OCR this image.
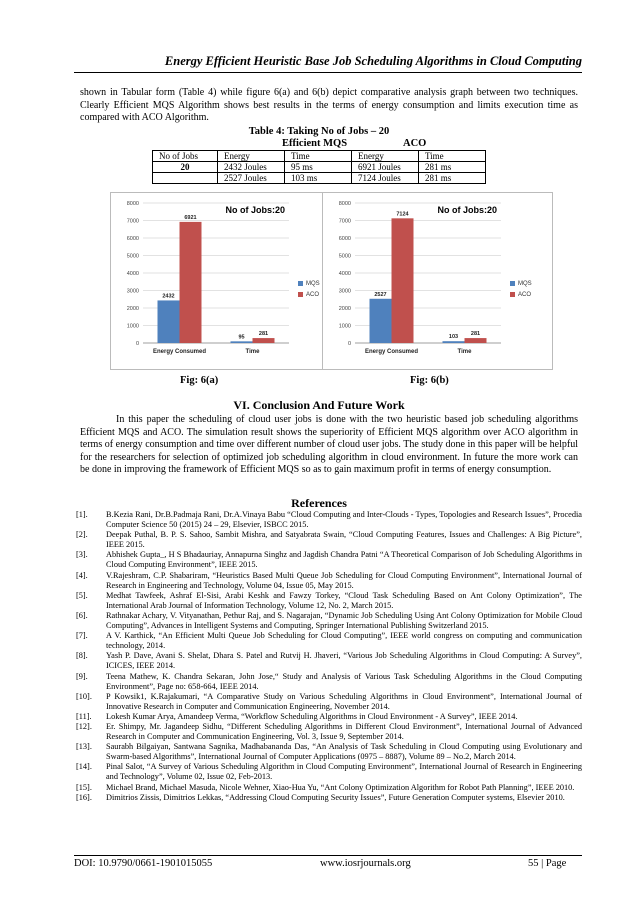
Energy Efficient Heuristic Base Job Scheduling Algorithms in Cloud Computing
shown in Tabular form (Table 4) while figure 6(a) and 6(b) depict comparative analysis graph between two techniques. Clearly Efficient MQS Algorithm shows best results in the terms of energy consumption and limits execution time as compared with ACO Algorithm.
Table 4: Taking No of Jobs – 20
Efficient MQS	ACO
No of Jobs	Energy	Time	Energy	Time
20	2432 Joules	95 ms	6921 Joules	281 ms
	2527 Joules	103 ms	7124 Joules	281 ms
0
1000
2000
3000
4000
5000
6000
7000
8000
Energy Consumed
2432
6921
Time
95
281
No of Jobs:20
MQS
ACO
0
1000
2000
3000
4000
5000
6000
7000
8000
Energy Consumed
2527
7124
Time
103
281
No of Jobs:20
MQS
ACO
Fig: 6(a)	Fig: 6(b)
VI. Conclusion And Future Work
In this paper the scheduling of cloud user jobs is done with the two heuristic based job scheduling algorithms Efficient MQS and ACO. The simulation result shows the superiority of Efficient MQS algorithm over ACO algorithm in terms of energy consumption and time over different number of cloud user jobs. The study done in this paper will be helpful for the researchers for selection of optimized job scheduling algorithm in cloud environment. In future the more work can be done in improving the framework of Efficient MQS so as to gain maximum profit in terms of energy consumption.
References
[1].	B.Kezia Rani, Dr.B.Padmaja Rani, Dr.A.Vinaya Babu “Cloud Computing and Inter-Clouds - Types, Topologies and Research Issues”, Procedia Computer Science 50 (2015) 24 – 29, Elsevier, ISBCC 2015.
[2].	Deepak Puthal, B. P. S. Sahoo, Sambit Mishra, and Satyabrata Swain, “Cloud Computing Features, Issues and Challenges: A Big Picture”, IEEE 2015.
[3].	Abhishek Gupta_, H S Bhadauriay, Annapurna Singhz and Jagdish Chandra Patni “A Theoretical Comparison of Job Scheduling Algorithms in Cloud Computing Environment”, IEEE 2015.
[4].	V.Rajeshram, C.P. Shabariram, “Heuristics Based Multi Queue Job Scheduling for Cloud Computing Environment”, International Journal of Research in Engineering and Technology, Volume 04, Issue 05, May 2015.
[5].	Medhat Tawfeek, Ashraf El-Sisi, Arabi Keshk and Fawzy Torkey, “Cloud Task Scheduling Based on Ant Colony Optimization”, The International Arab Journal of Information Technology, Volume 12, No. 2, March 2015.
[6].	Rathnakar Achary, V. Vityanathan, Pethur Raj, and S. Nagarajan, “Dynamic Job Scheduling Using Ant Colony Optimization for Mobile Cloud Computing”, Advances in Intelligent Systems and Computing, Springer International Publishing Switzerland 2015.
[7].	A V. Karthick, “An Efficient Multi Queue Job Scheduling for Cloud Computing”, IEEE world congress on computing and communication technology, 2014.
[8].	Yash P. Dave, Avani S. Shelat, Dhara S. Patel and Rutvij H. Jhaveri, “Various Job Scheduling Algorithms in Cloud Computing: A Survey”, ICICES, IEEE 2014.
[9].	Teena Mathew, K. Chandra Sekaran, John Jose,“ Study and Analysis of Various Task Scheduling Algorithms in the Cloud Computing Environment”, Page no: 658-664, IEEE 2014.
[10].	P Kowsik1, K.Rajakumari, “A Comparative Study on Various Scheduling Algorithms in Cloud Environment”, International Journal of Innovative Research in Computer and Communication Engineering, November 2014.
[11].	Lokesh Kumar Arya, Amandeep Verma, “Workflow Scheduling Algorithms in Cloud Environment - A Survey”, IEEE 2014.
[12].	Er. Shimpy, Mr. Jagandeep Sidhu, “Different Scheduling Algorithms in Different Cloud Environment”, International Journal of Advanced Research in Computer and Communication Engineering, Vol. 3, Issue 9, September 2014.
[13].	Saurabh Bilgaiyan, Santwana Sagnika, Madhabananda Das, “An Analysis of Task Scheduling in Cloud Computing using Evolutionary and Swarm-based Algorithms”, International Journal of Computer Applications (0975 – 8887), Volume 89 – No.2, March 2014.
[14].	Pinal Salot, “A Survey of Various Scheduling Algorithm in Cloud Computing Environment”, International Journal of Research in Engineering and Technology”, Volume 02, Issue 02, Feb-2013.
[15].	Michael Brand, Michael Masuda, Nicole Wehner, Xiao-Hua Yu, “Ant Colony Optimization Algorithm for Robot Path Planning”, IEEE 2010.
[16].	Dimitrios Zissis, Dimitrios Lekkas, “Addressing Cloud Computing Security Issues”, Future Generation Computer systems, Elsevier 2010.
DOI: 10.9790/0661-1901015055	www.iosrjournals.org	55 | Page
